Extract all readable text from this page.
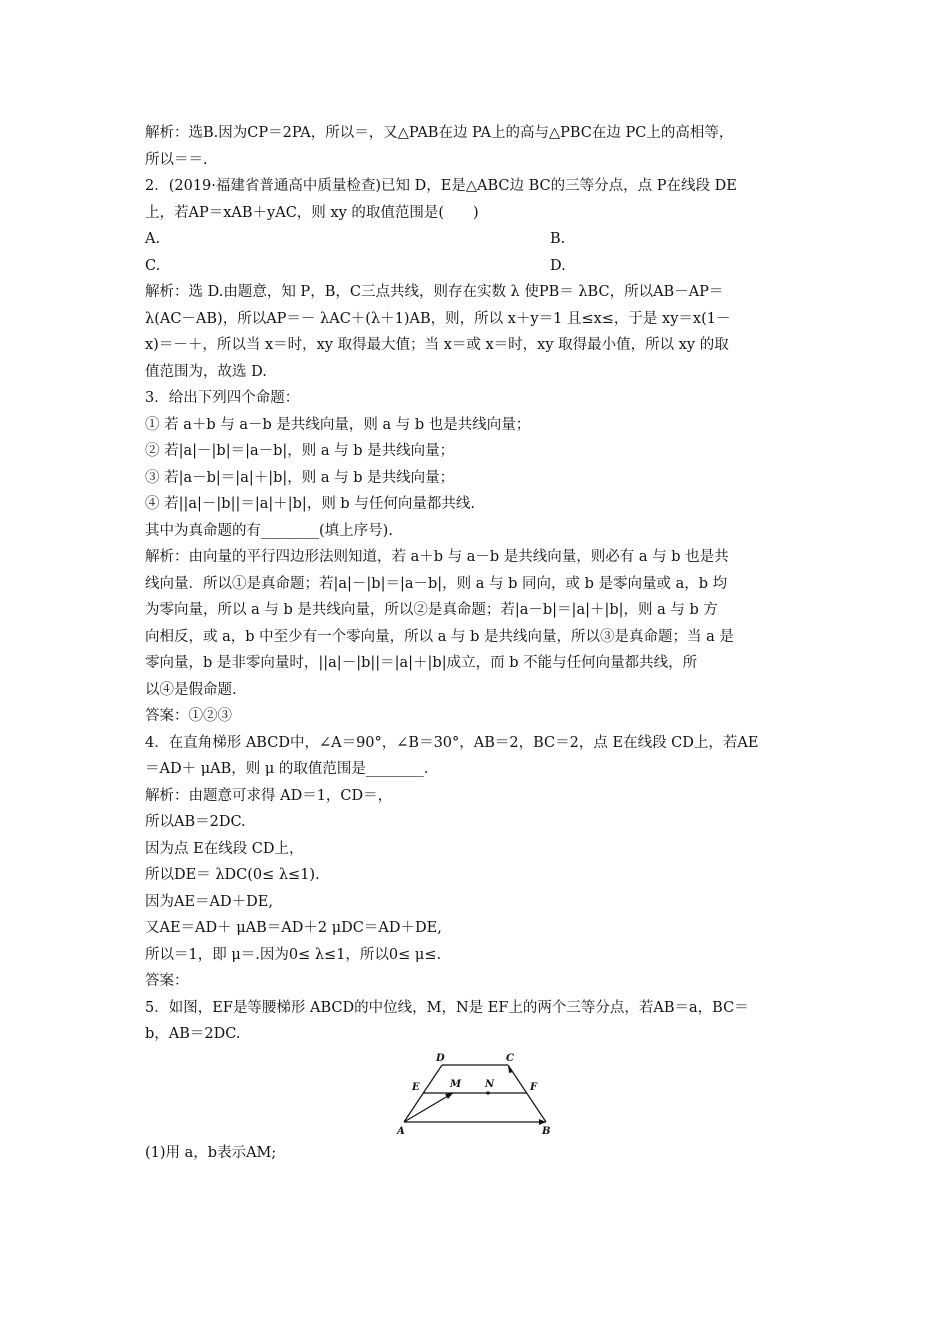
解析：选B.因为CP＝2PA，所以＝，又△PAB在边 PA上的高与△PBC在边 PC上的高相等，
所以＝＝.
2．(2019·福建省普通高中质量检查)已知 D，E是△ABC边 BC的三等分点，点 P在线段 DE
上，若AP＝xAB＋yAC，则 xy 的取值范围是(　　)
A.	B.
C.	D.
解析：选 D.由题意，知 P，B，C三点共线，则存在实数 λ 使PB＝ λBC，所以AB－AP＝
λ(AC－AB)，所以AP＝－ λAC＋(λ＋1)AB，则，所以 x＋y＝1 且≤x≤，于是 xy＝x(1－
x)＝－＋，所以当 x＝时，xy 取得最大值；当 x＝或 x＝时，xy 取得最小值，所以 xy 的取
值范围为，故选 D.
3．给出下列四个命题：
① 若 a＋b 与 a－b 是共线向量，则 a 与 b 也是共线向量；
② 若|a|－|b|＝|a－b|，则 a 与 b 是共线向量；
③ 若|a－b|＝|a|＋|b|，则 a 与 b 是共线向量；
④ 若||a|－|b||＝|a|＋|b|，则 b 与任何向量都共线.
其中为真命题的有________(填上序号).
解析：由向量的平行四边形法则知道，若 a＋b 与 a－b 是共线向量，则必有 a 与 b 也是共
线向量．所以①是真命题；若|a|－|b|＝|a－b|，则 a 与 b 同向，或 b 是零向量或 a，b 均
为零向量，所以 a 与 b 是共线向量，所以②是真命题；若|a－b|＝|a|＋|b|，则 a 与 b 方
向相反，或 a，b 中至少有一个零向量，所以 a 与 b 是共线向量，所以③是真命题；当 a 是
零向量，b 是非零向量时，||a|－|b||＝|a|＋|b|成立，而 b 不能与任何向量都共线，所
以④是假命题.
答案：①②③
4．在直角梯形 ABCD中，∠A＝90°，∠B＝30°，AB＝2，BC＝2，点 E在线段 CD上，若AE
＝AD＋ μAB，则 μ 的取值范围是________.
解析：由题意可求得 AD＝1，CD＝，
所以AB＝2DC.
因为点 E在线段 CD上，
所以DE＝ λDC(0≤ λ≤1).
因为AE＝AD＋DE,
又AE＝AD＋ μAB＝AD＋2 μDC＝AD＋DE,
所以＝1，即 μ＝.因为0≤ λ≤1，所以0≤ μ≤.
答案：
5．如图，EF是等腰梯形 ABCD的中位线，M，N是 EF上的两个三等分点，若AB＝a，BC＝
b，AB＝2DC.
D	C
E	M N	F
A	B
(1)用 a，b表示AM;
